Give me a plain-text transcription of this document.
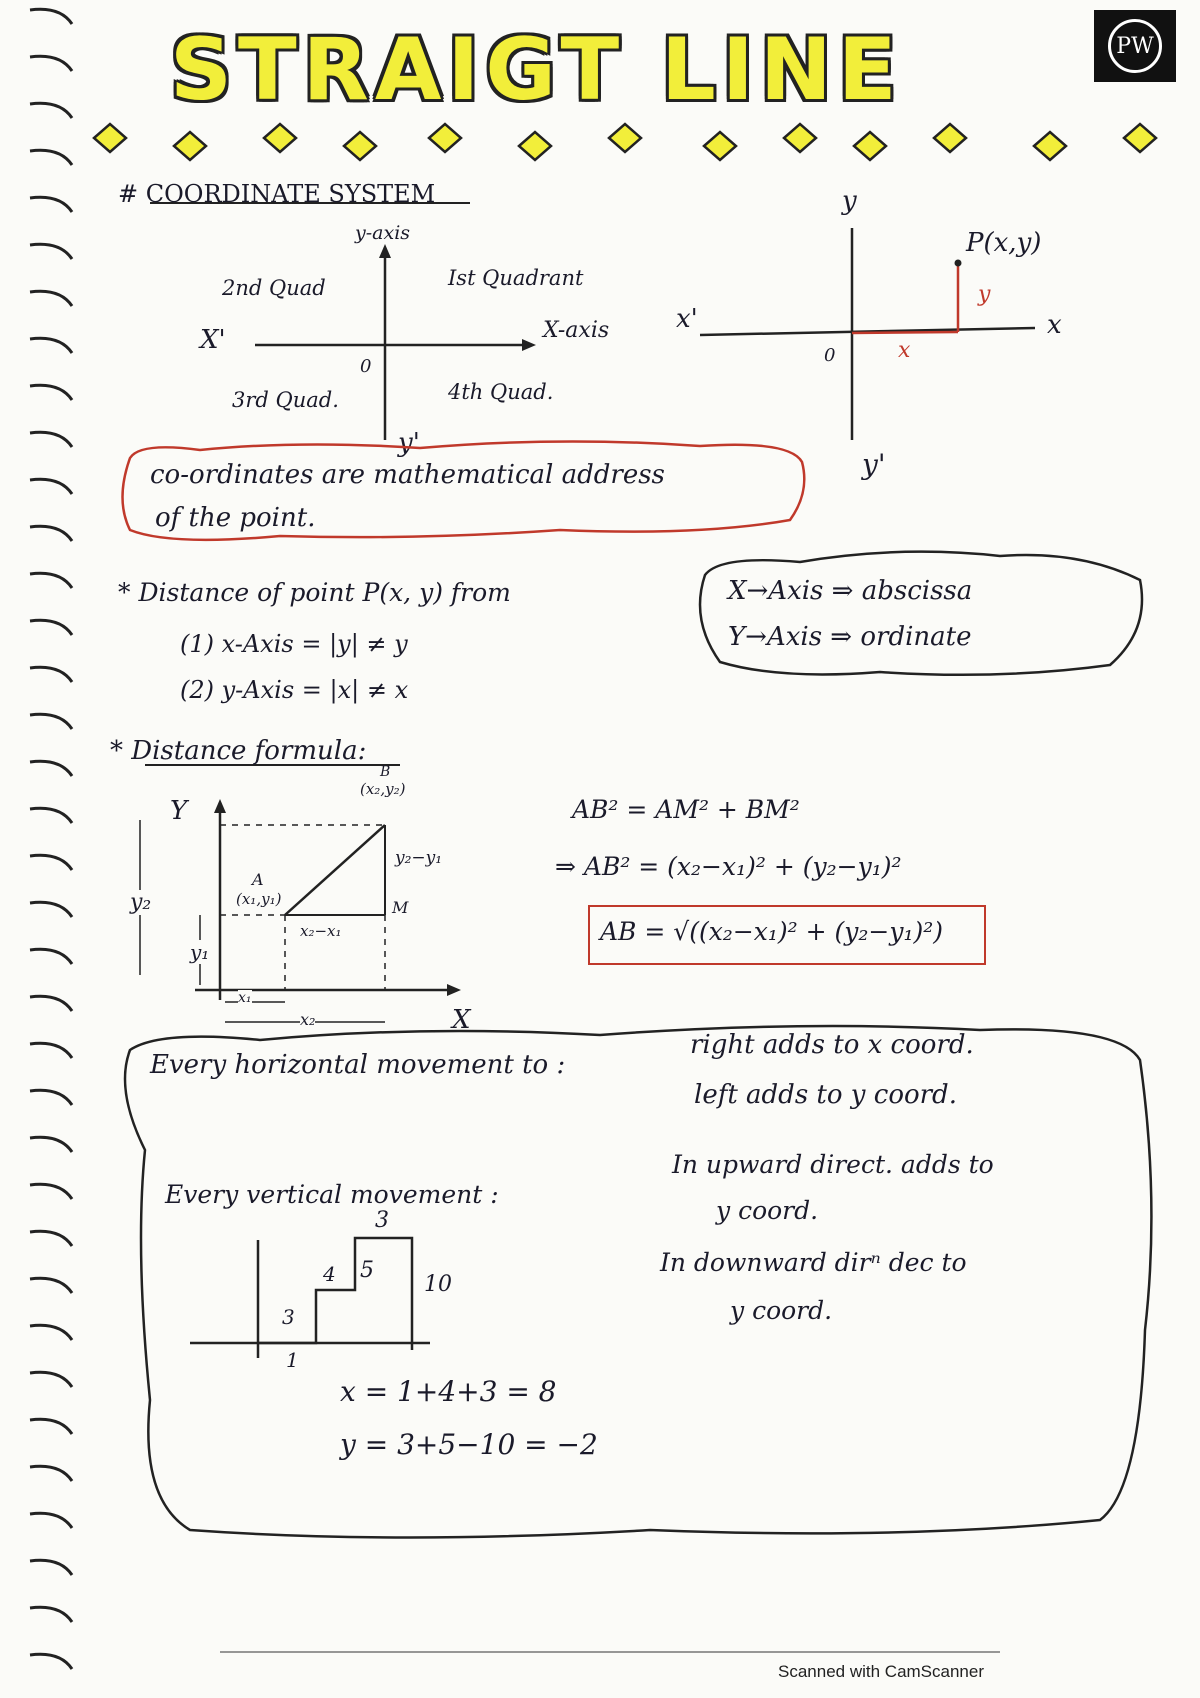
STRAIGT LINE	PW
# COORDINATE SYSTEM
y-axis
X-axis
X'
y'
0
Ist Quadrant
2nd Quad
3rd Quad.	4th Quad.
y
x
x'
y'
0
P(x,y)
y
x
co-ordinates are mathematical address
of the point.
* Distance of point P(x, y) from
(1) x-Axis = |y| ≠ y
(2) y-Axis = |x| ≠ x
X→Axis ⇒ abscissa
Y→Axis ⇒ ordinate
* Distance formula:
Y
X
B
(x₂,y₂)
A
(x₁,y₁)	M
y₂−y₁
x₂−x₁
y₂
y₁
x₁
x₂
AB² = AM² + BM²
⇒ AB² = (x₂−x₁)² + (y₂−y₁)²
AB = √((x₂−x₁)² + (y₂−y₁)²)
Every horizontal movement to :
right adds to x coord.
left adds to y coord.
Every vertical movement :
In upward direct. adds to
y coord.
In downward dirⁿ dec to
y coord.
1
3
4 5
3
10
x = 1+4+3 = 8
y = 3+5−10 = −2
Scanned with CamScanner
